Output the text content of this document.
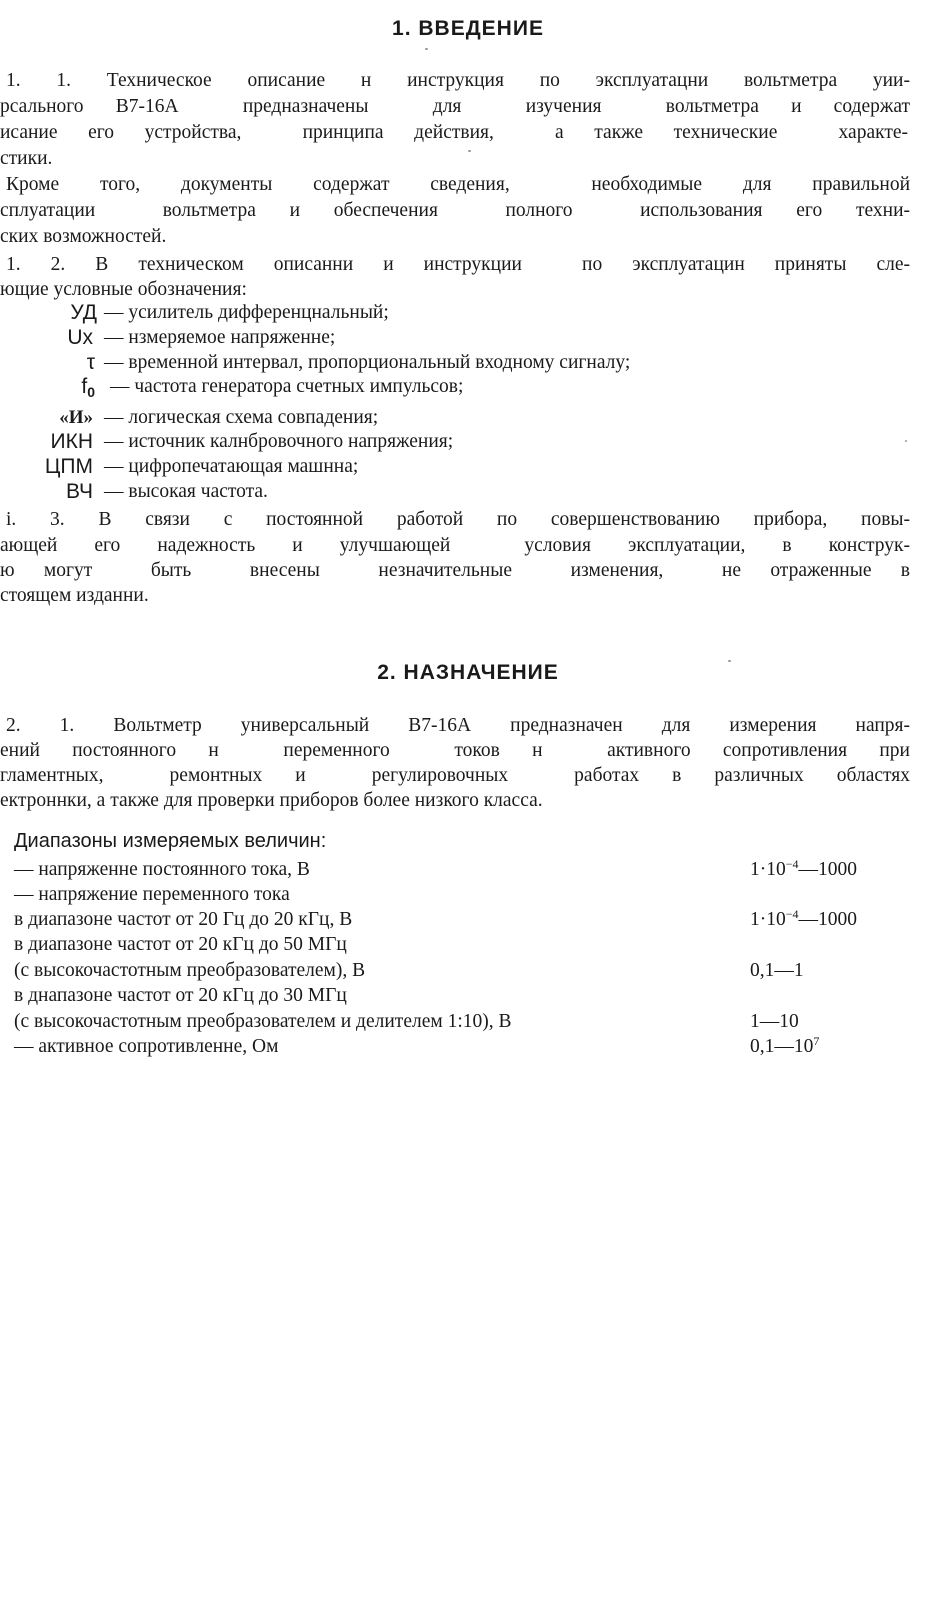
1. ВВЕДЕНИЕ
1. 1. Техническое описание н инструкция по эксплуатацни вольтметра уии-
рсального В7-16А  предназначены  для  изучения  вольтметра и содержат
исание его устройства,  принципа действия,  а также технические  характе-
стики.
Кроме того, документы содержат сведения,  необходимые для правильной
сплуатации  вольтметра и обеспечения  полного  использования его техни-
ских возможностей.
1. 2. В техническом описанни и инструкции  по эксплуатацин приняты сле-
ющие условные обозначения:
УД — усилитель дифференцнальный;
Ux — нзмеряемое напряженне;
τ — временной интервал, пропорциональный входному сигналу;
$f_0$ — частота генератора счетных импульсов;
«И» — логическая схема совпадения;
ИКН — источник калнбровочного напряжения;
ЦПМ — цифропечатающая машнна;
ВЧ — высокая частота.
і. 3. В связи с постоянной работой по совершенствованию прибора, повы-
ающей его надежность и улучшающей  условия эксплуатации, в конструк-
ю могут  быть  внесены  незначительные  изменения,  не отраженные в
стоящем изданни.
2. НАЗНАЧЕНИЕ
2. 1. Вольтметр универсальный В7-16А предназначен для измерения напря-
ений постоянного н  переменного  токов н  активного сопротивления при
гламентных,  ремонтных и  регулировочных  работах в различных областях
ектроннки, а также для проверки приборов более низкого класса.
Диапазоны измеряемых величин:
— напряженне постоянного тока, В	$1\cdot 10^{-4}—1000$
— напряжение переменного тока
в диапазоне частот от 20 Гц до 20 кГц, В	$1\cdot 10^{-4}—1000$
в диапазоне частот от 20 кГц до 50 МГц
(с высокочастотным преобразователем), В	0,1—1
в днапазоне частот от 20 кГц до 30 МГц
(с высокочастотным преобразователем и делителем 1:10), В	1—10
— активное сопротивленне, Ом	$0,1—10^7$
